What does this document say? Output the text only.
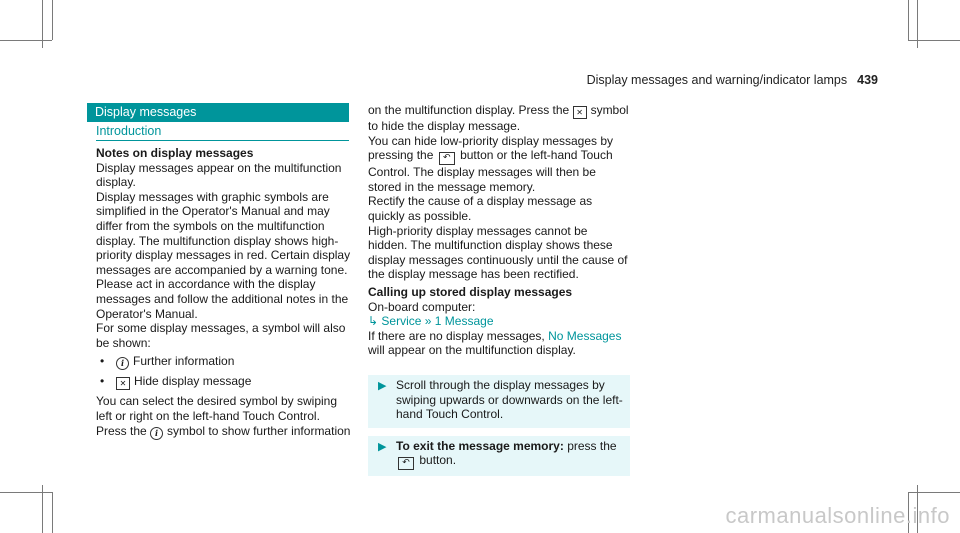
Display messages and warning/indicator lamps 439
Display messages
Introduction

Notes on display messages

Display messages appear on the multifunction display.

Display messages with graphic symbols are simplified in the Operator's Manual and may differ from the symbols on the multifunction display. The multifunction display shows high-priority display messages in red. Certain display messages are accompanied by a warning tone.

Please act in accordance with the display messages and follow the additional notes in the Operator's Manual.

For some display messages, a symbol will also be shown:

• i Further information
• ✕ Hide display message

You can select the desired symbol by swiping left or right on the left-hand Touch Control.

Press the i symbol to show further information

on the multifunction display. Press the ✕ symbol to hide the display message.

You can hide low-priority display messages by pressing the ↶ button or the left-hand Touch Control. The display messages will then be stored in the message memory.

Rectify the cause of a display message as quickly as possible.

High-priority display messages cannot be hidden. The multifunction display shows these display messages continuously until the cause of the display message has been rectified.

Calling up stored display messages

On-board computer:

↳ Service » 1 Message

If there are no display messages, No Messages will appear on the multifunction display.

▶ Scroll through the display messages by swiping upwards or downwards on the left-hand Touch Control.
▶ To exit the message memory: press the
↶ button.
carmanualsonline.info
